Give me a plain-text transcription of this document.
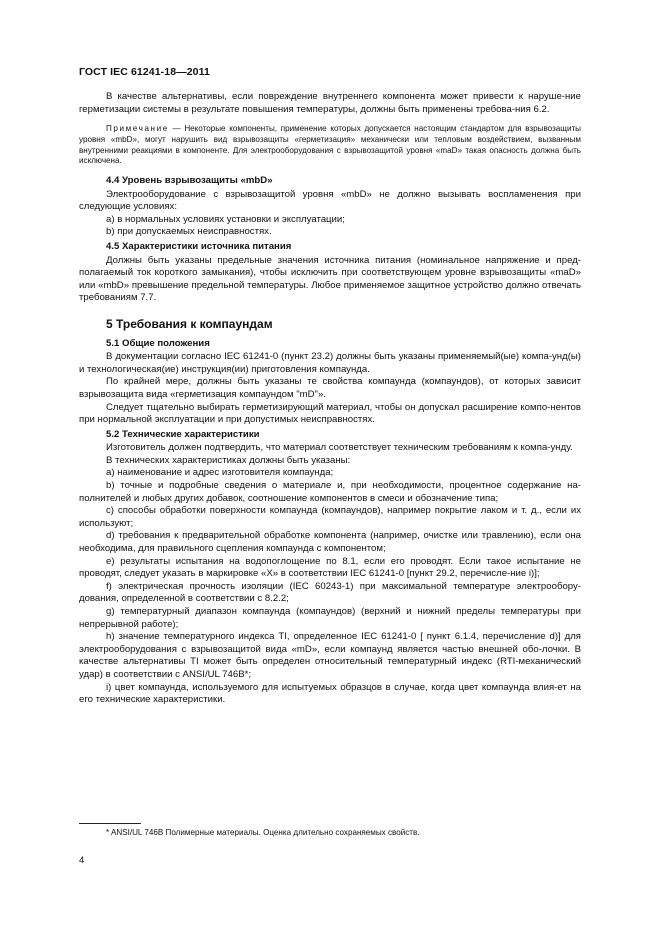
ГОСТ IEC 61241-18—2011

В качестве альтернативы, если повреждение внутреннего компонента может привести к наруше-ние герметизации системы в результате повышения температуры, должны быть применены требова-ния 6.2.

Примечание — Некоторые компоненты, применение которых допускается настоящим стандартом для взрывозащиты уровня «mbD», могут нарушить вид взрывозащиты «герметизация» механически или тепловым воздействием, вызванным внутренними реакциями в компоненте. Для электрооборудования с взрывозащитой уровня «maD» такая опасность должна быть исключена.

4.4 Уровень взрывозащиты «mbD»

Электрооборудование с взрывозащитой уровня «mbD» не должно вызывать воспламенения при следующие условиях:

a) в нормальных условиях установки и эксплуатации;

b) при допускаемых неисправностях.

4.5 Характеристики источника питания

Должны быть указаны предельные значения источника питания (номинальное напряжение и пред-полагаемый ток короткого замыкания), чтобы исключить при соответствующем уровне взрывозащиты «maD» или «mbD» превышение предельной температуры. Любое применяемое защитное устройство должно отвечать требованиям 7.7.

5 Требования к компаундам

5.1 Общие положения

В документации согласно IEC 61241-0 (пункт 23.2) должны быть указаны применяемый(ые) компа-унд(ы) и технологическая(ие) инструкция(ии) приготовления компаунда.

По крайней мере, должны быть указаны те свойства компаунда (компаундов), от которых зависит взрывозащита вида «герметизация компаундом "mD"».

Следует тщательно выбирать герметизирующий материал, чтобы он допускал расширение компо-нентов при нормальной эксплуатации и при допустимых неисправностях.

5.2 Технические характеристики

Изготовитель должен подтвердить, что материал соответствует техническим требованиям к компа-унду.

В технических характеристиках должны быть указаны:

a) наименование и адрес изготовителя компаунда;

b) точные и подробные сведения о материале и, при необходимости, процентное содержание на-полнителей и любых других добавок, соотношение компонентов в смеси и обозначение типа;

c) способы обработки поверхности компаунда (компаундов), например покрытие лаком и т. д., если их используют;

d) требования к предварительной обработке компонента (например, очистке или травлению), если она необходима, для правильного сцепления компаунда с компонентом;

e) результаты испытания на водопоглощение по 8.1, если его проводят. Если такое испытание не проводят, следует указать в маркировке «X» в соответствии IEC 61241-0 [пункт 29.2, перечисле-ние i)];

f) электрическая прочность изоляции (IEC 60243-1) при максимальной температуре электрообору-дования, определенной в соответствии с 8.2.2;

g) температурный диапазон компаунда (компаундов) (верхний и нижний пределы температуры при непрерывной работе);

h) значение температурного индекса TI, определенное IEC 61241-0 [ пункт 6.1.4, перечисление d)] для электрооборудования с взрывозащитой вида «mD», если компаунд является частью внешней обо-лочки. В качестве альтернативы TI может быть определен относительный температурный индекс (RTI-механический удар) в соответствии с ANSI/UL 746B*;

i) цвет компаунда, используемого для испытуемых образцов в случае, когда цвет компаунда влия-ет на его технические характеристики.

* ANSI/UL 746B Полимерные материалы. Оценка длительно сохраняемых свойств.
4
